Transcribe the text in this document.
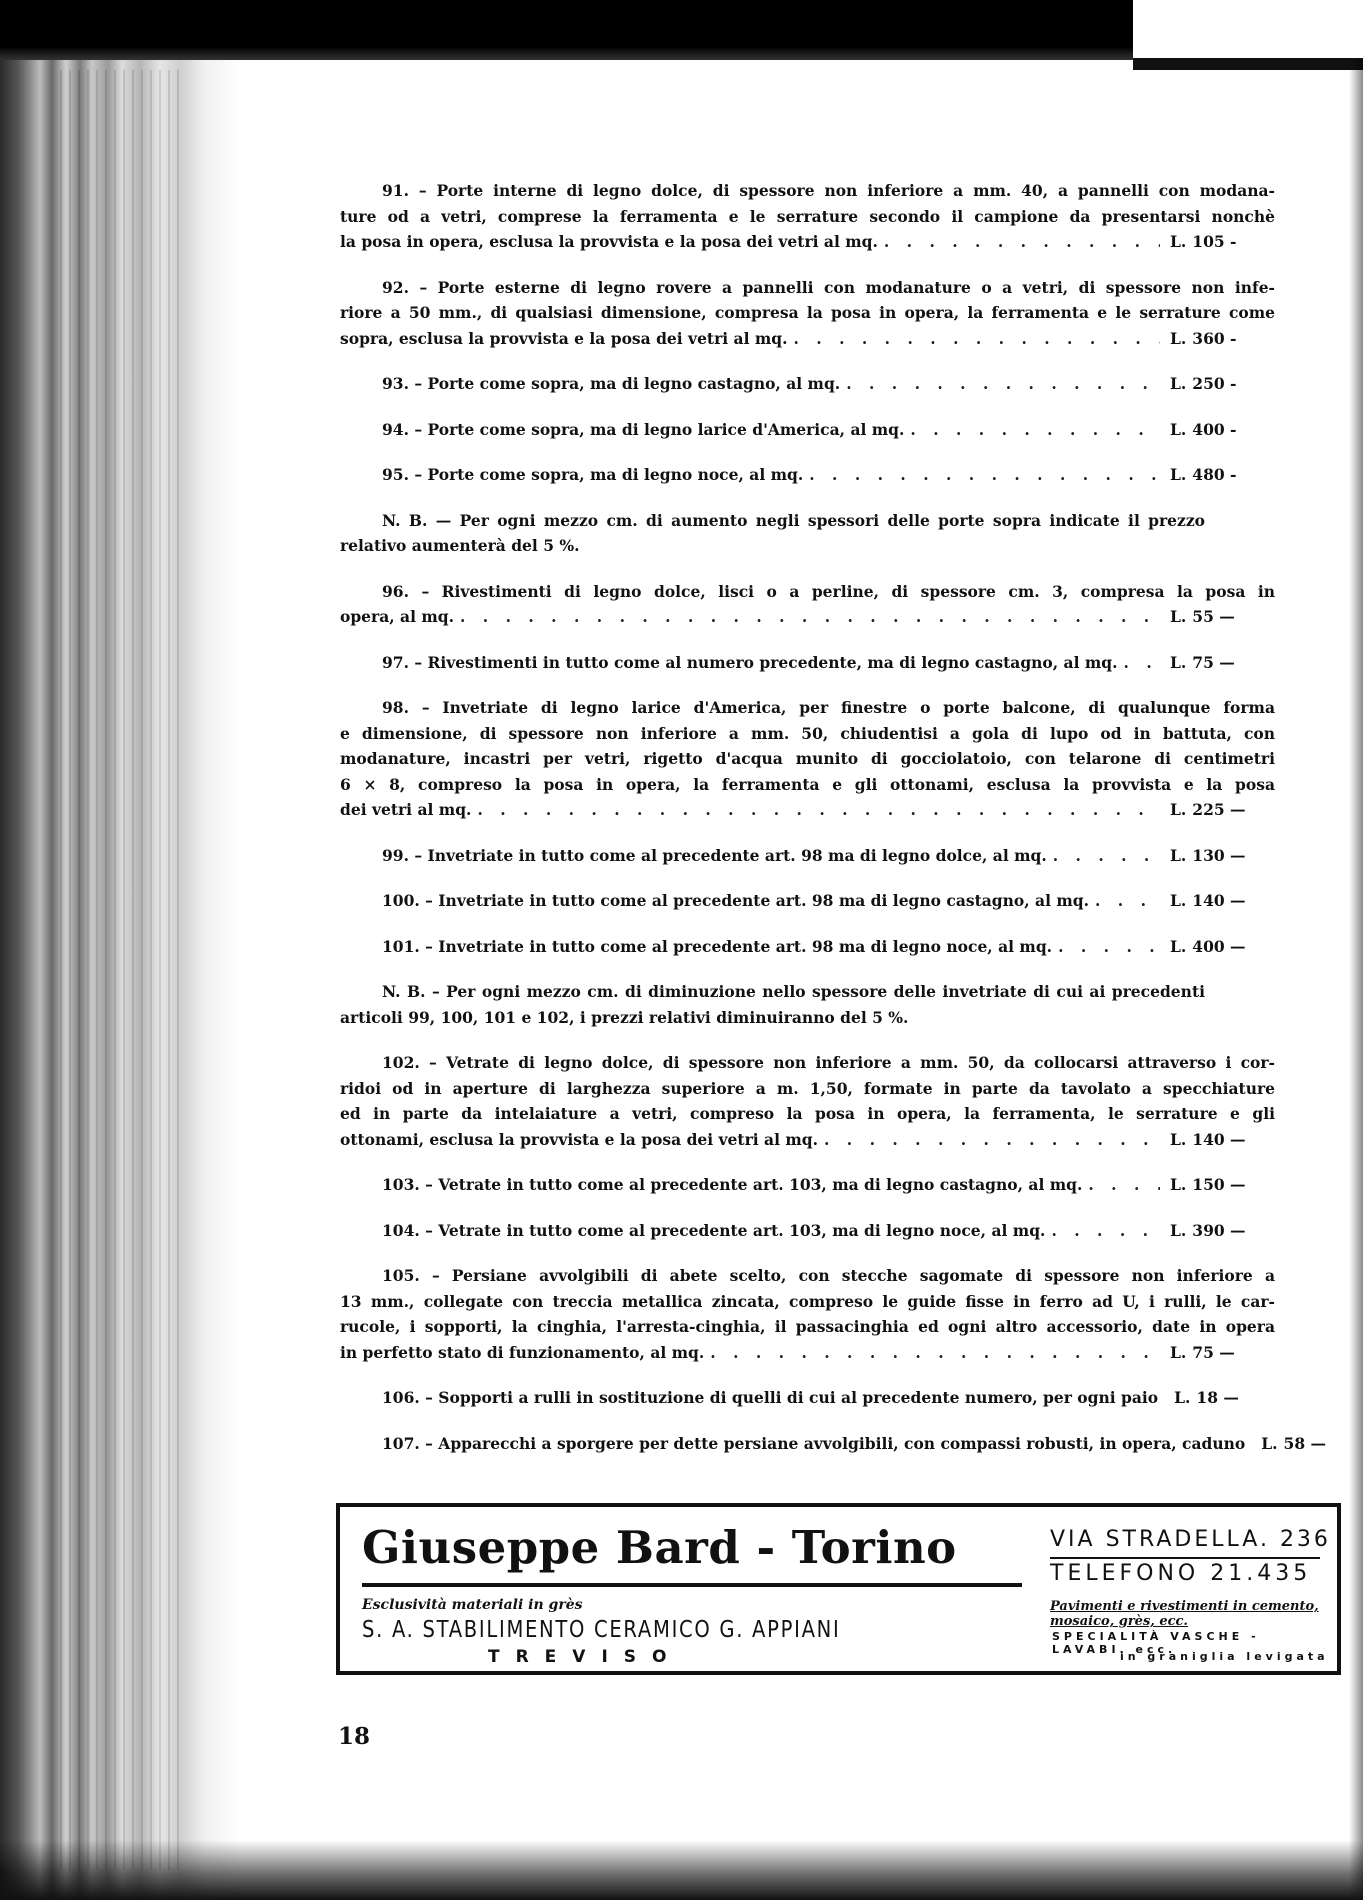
91. – Porte interne di legno dolce, di spessore non inferiore a mm. 40, a pannelli con modana-
ture od a vetri, comprese la ferramenta e le serrature secondo il campione da presentarsi nonchè
la posa in opera, esclusa la provvista e la posa dei vetri al mq. . . .	L. 105 -
92. – Porte esterne di legno rovere a pannelli con modanature o a vetri, di spessore non infe-
riore a 50 mm., di qualsiasi dimensione, compresa la posa in opera, la ferramenta e le serrature come
sopra, esclusa la provvista e la posa dei vetri al mq. . . .	L. 360 -
93. – Porte come sopra, ma di legno castagno, al mq. . . .	L. 250 -
94. – Porte come sopra, ma di legno larice d'America, al mq. . . .	L. 400 -
95. – Porte come sopra, ma di legno noce, al mq. . . .	L. 480 -
N. B. — Per ogni mezzo cm. di aumento negli spessori delle porte sopra indicate il prezzo relativo aumenterà del 5 %.
96. – Rivestimenti di legno dolce, lisci o a perline, di spessore cm. 3, compresa la posa in
opera, al mq. . . .	L. 55 —
97. – Rivestimenti in tutto come al numero precedente, ma di legno castagno, al mq. . . .	L. 75 —
98. – Invetriate di legno larice d'America, per finestre o porte balcone, di qualunque forma
e dimensione, di spessore non inferiore a mm. 50, chiudentisi a gola di lupo od in battuta, con
modanature, incastri per vetri, rigetto d'acqua munito di gocciolatoio, con telarone di centimetri
6 × 8, compreso la posa in opera, la ferramenta e gli ottonami, esclusa la provvista e la posa
dei vetri al mq. . . .	L. 225 —
99. – Invetriate in tutto come al precedente art. 98 ma di legno dolce, al mq. . . .	L. 130 —
100. – Invetriate in tutto come al precedente art. 98 ma di legno castagno, al mq. . . .	L. 140 —
101. – Invetriate in tutto come al precedente art. 98 ma di legno noce, al mq. . . .	L. 400 —
N. B. – Per ogni mezzo cm. di diminuzione nello spessore delle invetriate di cui ai precedenti articoli 99, 100, 101 e 102, i prezzi relativi diminuiranno del 5 %.
102. – Vetrate di legno dolce, di spessore non inferiore a mm. 50, da collocarsi attraverso i cor-
ridoi od in aperture di larghezza superiore a m. 1,50, formate in parte da tavolato a specchiature
ed in parte da intelaiature a vetri, compreso la posa in opera, la ferramenta, le serrature e gli
ottonami, esclusa la provvista e la posa dei vetri al mq. . . .	L. 140 —
103. – Vetrate in tutto come al precedente art. 103, ma di legno castagno, al mq. . . .	L. 150 —
104. – Vetrate in tutto come al precedente art. 103, ma di legno noce, al mq. . . .	L. 390 —
105. – Persiane avvolgibili di abete scelto, con stecche sagomate di spessore non inferiore a
13 mm., collegate con treccia metallica zincata, compreso le guide fisse in ferro ad U, i rulli, le car-
rucole, i sopporti, la cinghia, l'arresta-cinghia, il passacinghia ed ogni altro accessorio, date in opera
in perfetto stato di funzionamento, al mq. . . .	L. 75 —
106. – Sopporti a rulli in sostituzione di quelli di cui al precedente numero, per ogni paio L. 18 —
107. – Apparecchi a sporgere per dette persiane avvolgibili, con compassi robusti, in opera, caduno L. 58 —
Giuseppe Bard - Torino	VIA STRADELLA. 236
TELEFONO 21.435
Esclusività materiali in grès
S. A. STABILIMENTO CERAMICO G. APPIANI
TREVISO
Pavimenti e rivestimenti in cemento, mosaico, grès, ecc.
SPECIALITÀ VASCHE - LAVABI. ecc.
in graniglia levigata
18
